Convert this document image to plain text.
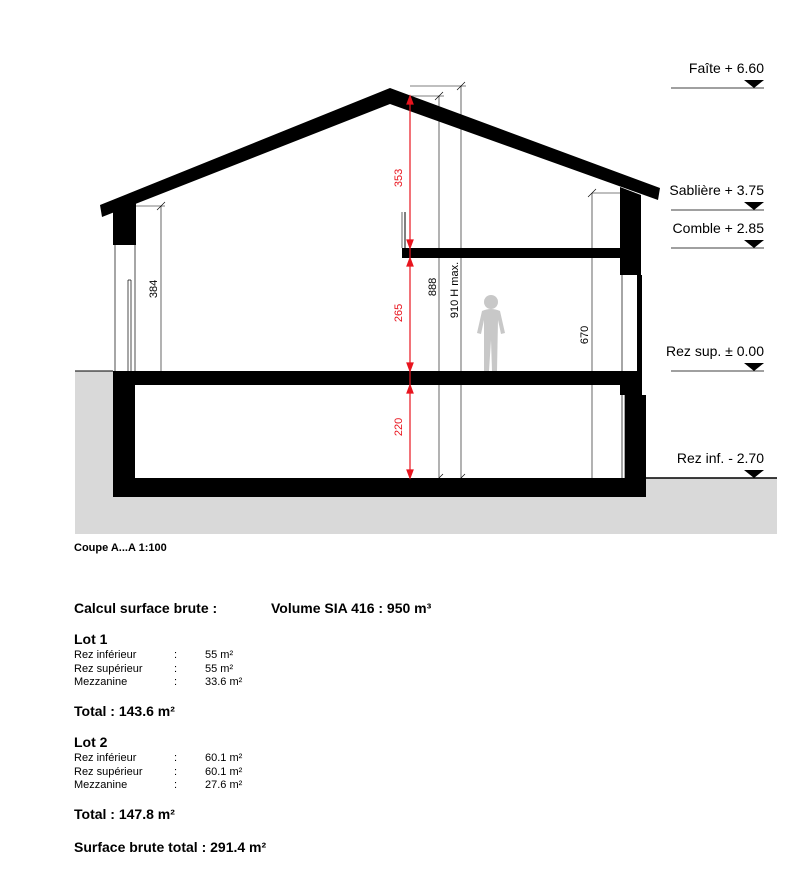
353
265
220
888 910 H max.
384
670
Faîte + 6.60
Sablière + 3.75
Comble + 2.85
Rez sup. ± 0.00
Rez inf. - 2.70
Coupe A...A 1:100
Calcul surface brute :	Volume SIA 416 : 950 m³
Lot 1
Rez inférieur	:	55 m²
Rez supérieur	:	55 m²
Mezzanine	:	33.6 m²
Total : 143.6 m²
Lot 2
Rez inférieur	:	60.1 m²
Rez supérieur	:	60.1 m²
Mezzanine	:	27.6 m²
Total : 147.8 m²
Surface brute total : 291.4 m²
